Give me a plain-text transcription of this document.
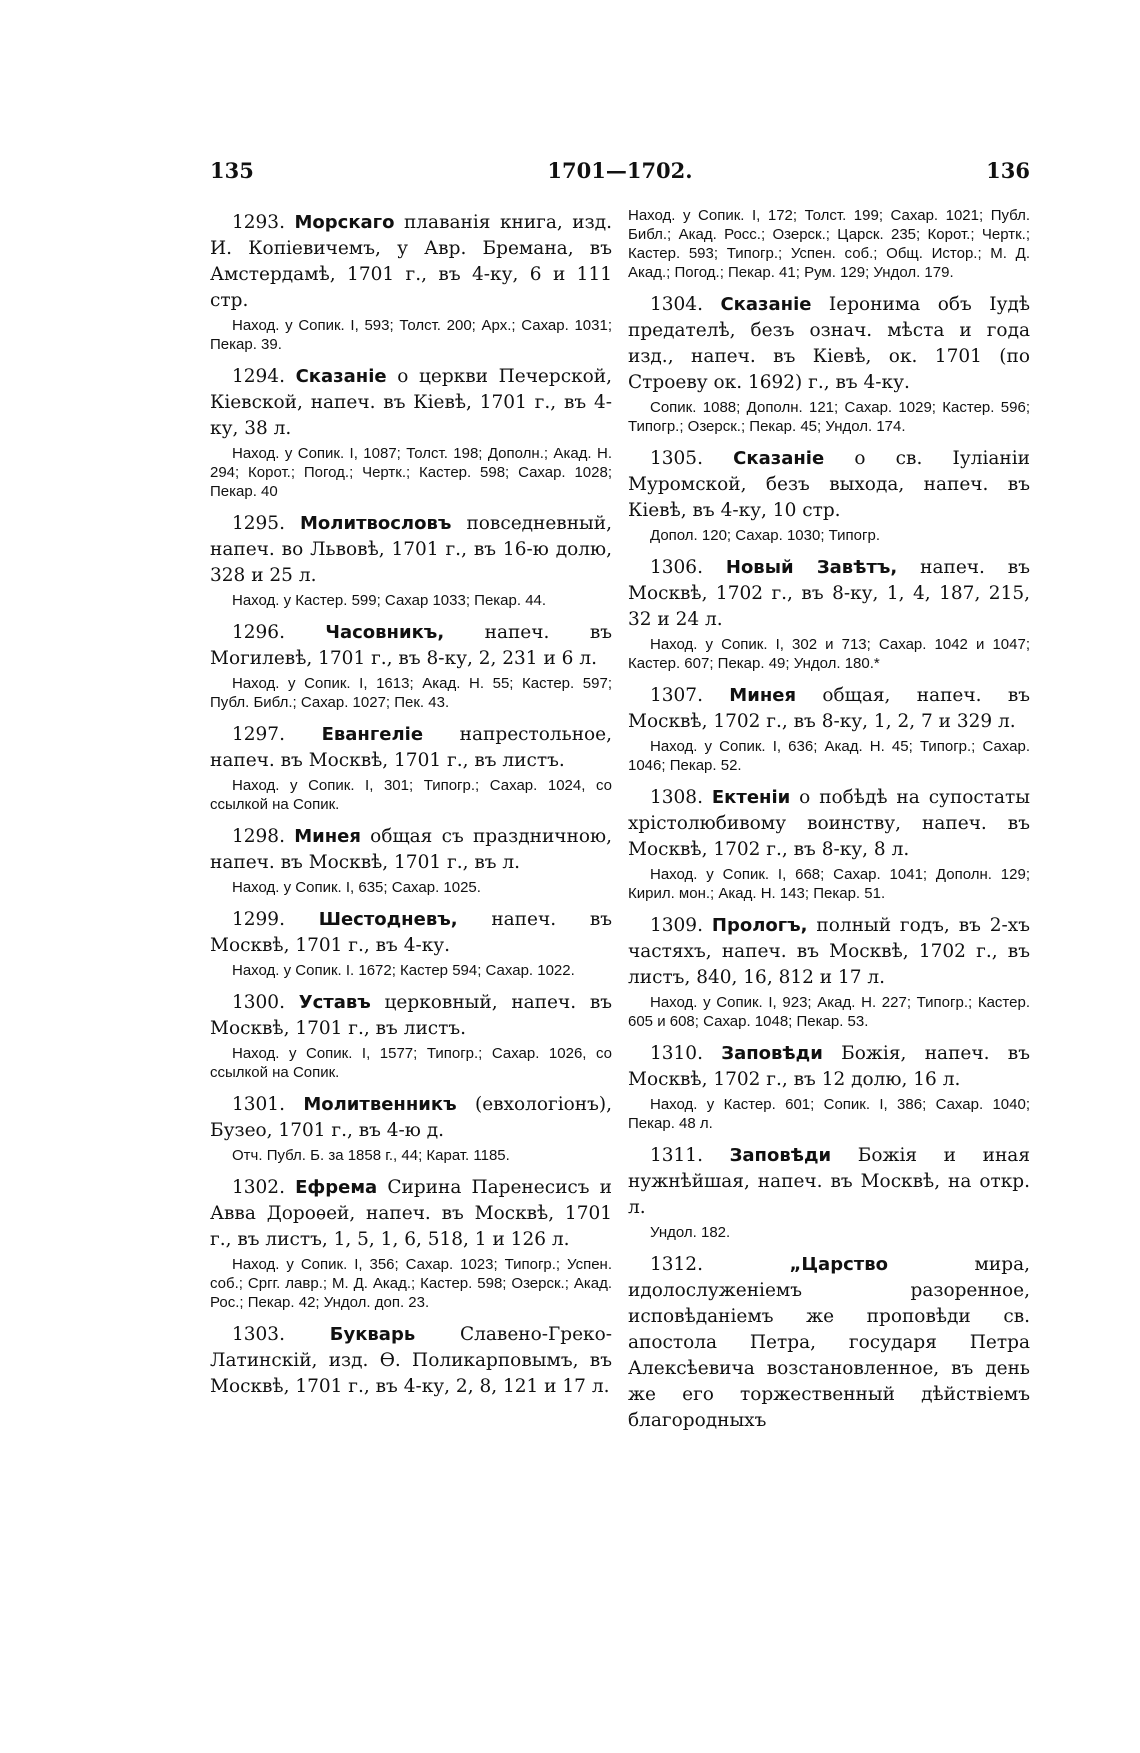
135	1701—1702.	136

1293. Морскаго плаванія книга, изд. И. Копіевичемъ, у Авр. Бремана, въ Амстердамѣ, 1701 г., въ 4-ку, 6 и 111 стр.

Наход. у Сопик. I, 593; Толст. 200; Арх.; Сахар. 1031; Пекар. 39.

1294. Сказаніе о церкви Печерской, Кіевской, напеч. въ Кіевѣ, 1701 г., въ 4-ку, 38 л.

Наход. у Сопик. I, 1087; Толст. 198; Дополн.; Акад. Н. 294; Корот.; Погод.; Чертк.; Кастер. 598; Сахар. 1028; Пекар. 40

1295. Молитвословъ повседневный, напеч. во Львовѣ, 1701 г., въ 16-ю долю, 328 и 25 л.

Наход. у Кастер. 599; Сахар 1033; Пекар. 44.

1296. Часовникъ, напеч. въ Могилевѣ, 1701 г., въ 8-ку, 2, 231 и 6 л.

Наход. у Сопик. I, 1613; Акад. Н. 55; Кастер. 597; Публ. Библ.; Сахар. 1027; Пек. 43.

1297. Евангеліе напрестольное, напеч. въ Москвѣ, 1701 г., въ листъ.

Наход. у Сопик. I, 301; Типогр.; Сахар. 1024, со ссылкой на Сопик.

1298. Минея общая съ праздничною, напеч. въ Москвѣ, 1701 г., въ л.

Наход. у Сопик. I, 635; Сахар. 1025.

1299. Шестодневъ, напеч. въ Москвѣ, 1701 г., въ 4-ку.

Наход. у Сопик. I. 1672; Кастер 594; Сахар. 1022.

1300. Уставъ церковный, напеч. въ Москвѣ, 1701 г., въ листъ.

Наход. у Сопик. I, 1577; Типогр.; Сахар. 1026, со ссылкой на Сопик.

1301. Молитвенникъ (евхологіонъ), Бузео, 1701 г., въ 4-ю д.

Отч. Публ. Б. за 1858 г., 44; Карат. 1185.

1302. Ефрема Сирина Паренесисъ и Авва Дороѳей, напеч. въ Москвѣ, 1701 г., въ листъ, 1, 5, 1, 6, 518, 1 и 126 л.

Наход. у Сопик. I, 356; Сахар. 1023; Типогр.; Успен. соб.; Сргг. лавр.; М. Д. Акад.; Кастер. 598; Озерск.; Акад. Рос.; Пекар. 42; Ундол. доп. 23.

1303. Букварь Славено-Греко-Латинскій, изд. Ѳ. Поликарповымъ, въ Москвѣ, 1701 г., въ 4-ку, 2, 8, 121 и 17 л.

Наход. у Сопик. I, 172; Толст. 199; Сахар. 1021; Публ. Библ.; Акад. Росс.; Озерск.; Царск. 235; Корот.; Чертк.; Кастер. 593; Типогр.; Успен. соб.; Общ. Истор.; М. Д. Акад.; Погод.; Пекар. 41; Рум. 129; Ундол. 179.

1304. Сказаніе Іеронима объ Іудѣ предателѣ, безъ означ. мѣста и года изд., напеч. въ Кіевѣ, ок. 1701 (по Строеву ок. 1692) г., въ 4-ку.

Сопик. 1088; Дополн. 121; Сахар. 1029; Кастер. 596; Типогр.; Озерск.; Пекар. 45; Ундол. 174.

1305. Сказаніе о св. Іуліаніи Муромской, безъ выхода, напеч. въ Кіевѣ, въ 4-ку, 10 стр.

Допол. 120; Сахар. 1030; Типогр.

1306. Новый Завѣтъ, напеч. въ Москвѣ, 1702 г., въ 8-ку, 1, 4, 187, 215, 32 и 24 л.

Наход. у Сопик. I, 302 и 713; Сахар. 1042 и 1047; Кастер. 607; Пекар. 49; Ундол. 180.*

1307. Минея общая, напеч. въ Москвѣ, 1702 г., въ 8-ку, 1, 2, 7 и 329 л.

Наход. у Сопик. I, 636; Акад. Н. 45; Типогр.; Сахар. 1046; Пекар. 52.

1308. Ектеніи о побѣдѣ на супостаты хрістолюбивому воинству, напеч. въ Москвѣ, 1702 г., въ 8-ку, 8 л.

Наход. у Сопик. I, 668; Сахар. 1041; Дополн. 129; Кирил. мон.; Акад. Н. 143; Пекар. 51.

1309. Прологъ, полный годъ, въ 2-хъ частяхъ, напеч. въ Москвѣ, 1702 г., въ листъ, 840, 16, 812 и 17 л.

Наход. у Сопик. I, 923; Акад. Н. 227; Типогр.; Кастер. 605 и 608; Сахар. 1048; Пекар. 53.

1310. Заповѣди Божія, напеч. въ Москвѣ, 1702 г., въ 12 долю, 16 л.

Наход. у Кастер. 601; Сопик. I, 386; Сахар. 1040; Пекар. 48 л.

1311. Заповѣди Божія и иная нужнѣйшая, напеч. въ Москвѣ, на откр. л.

Ундол. 182.

1312. „Царство мира, идолослуженіемъ разоренное, исповѣданіемъ же проповѣди св. апостола Петра, государя Петра Алексѣевича возстановленное, въ день же его торжественный дѣйствіемъ благородныхъ
